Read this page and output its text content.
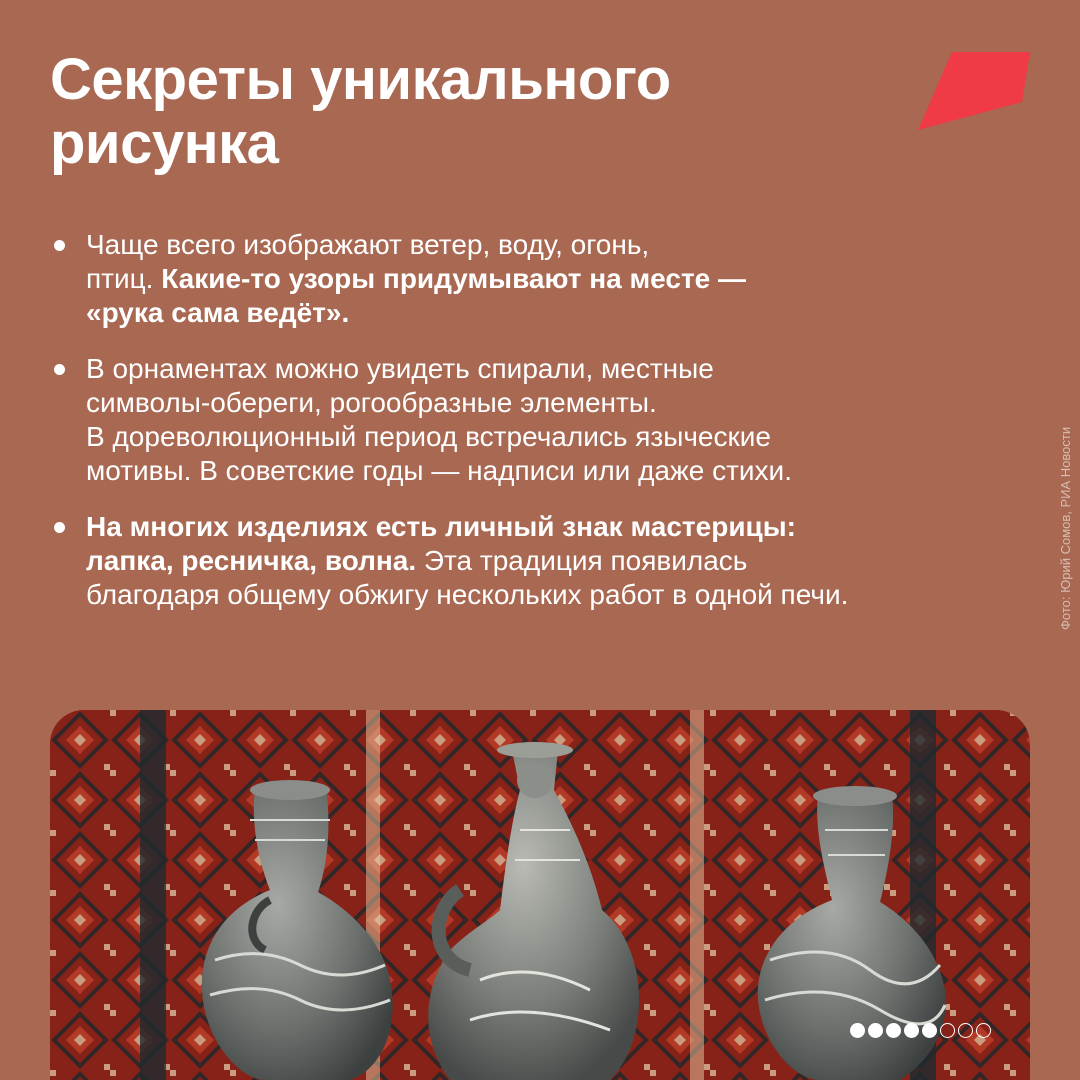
Секреты уникального
рисунка
Чаще всего изображают ветер, воду, огонь,
птиц. Какие-то узоры придумывают на месте —
«рука сама ведёт».
В орнаментах можно увидеть спирали, местные
символы-обереги, рогообразные элементы.
В дореволюционный период встречались языческие
мотивы. В советские годы — надписи или даже стихи.
На многих изделиях есть личный знак мастерицы:
лапка, ресничка, волна. Эта традиция появилась
благодаря общему обжигу нескольких работ в одной печи.	Фото: Юрий Сомов, РИА Новости
